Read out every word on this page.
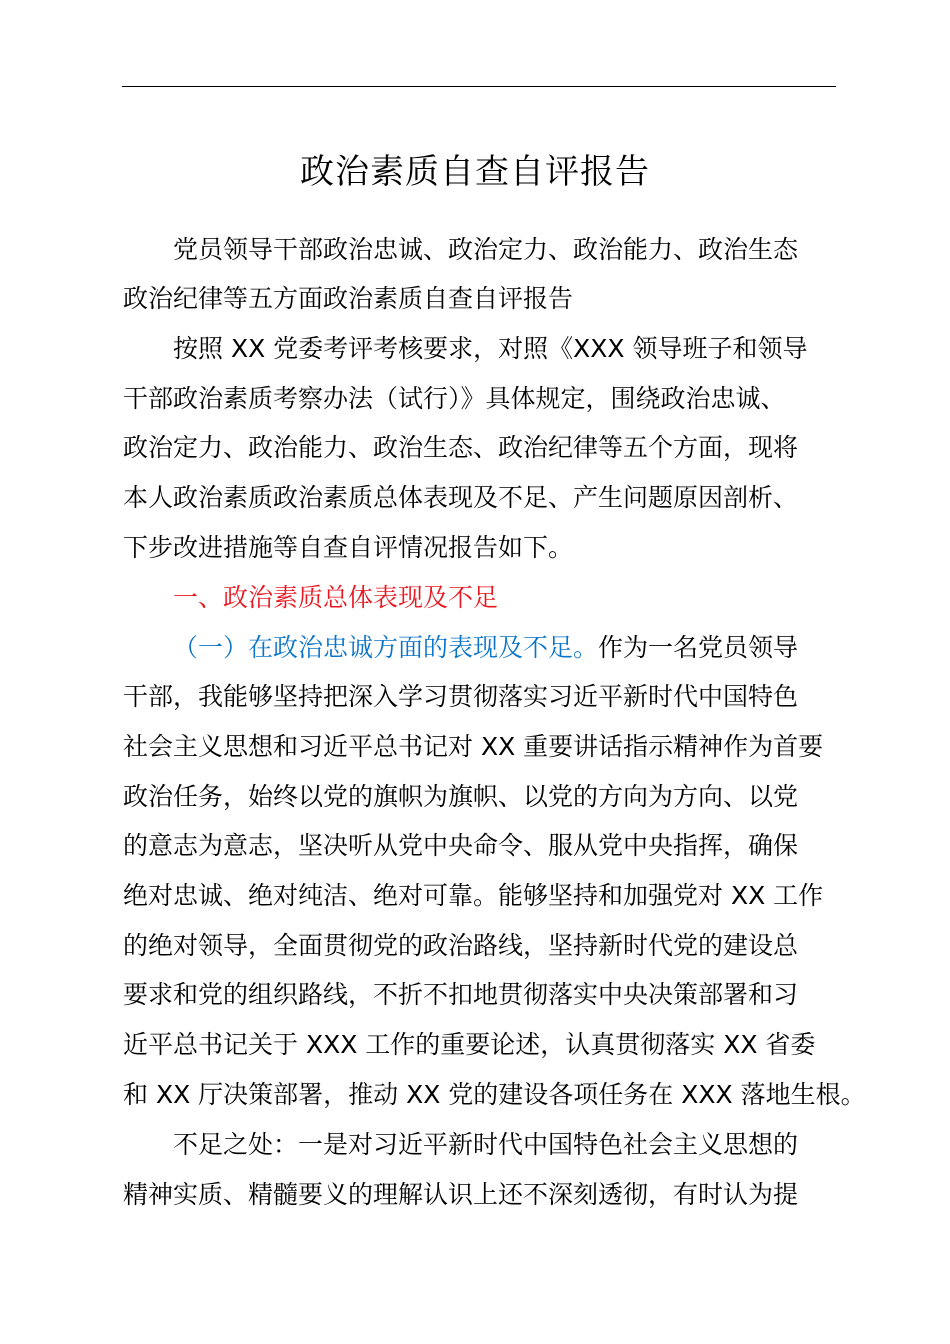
政治素质自查自评报告
党员领导干部政治忠诚、政治定力、政治能力、政治生态
政治纪律等五方面政治素质自查自评报告
按照 XX 党委考评考核要求，对照《XXX 领导班子和领导
干部政治素质考察办法（试行）》具体规定，围绕政治忠诚、
政治定力、政治能力、政治生态、政治纪律等五个方面，现将
本人政治素质政治素质总体表现及不足、产生问题原因剖析、
下步改进措施等自查自评情况报告如下。
一、政治素质总体表现及不足
（一）在政治忠诚方面的表现及不足。作为一名党员领导
干部，我能够坚持把深入学习贯彻落实习近平新时代中国特色
社会主义思想和习近平总书记对 XX 重要讲话指示精神作为首要
政治任务，始终以党的旗帜为旗帜、以党的方向为方向、以党
的意志为意志，坚决听从党中央命令、服从党中央指挥，确保
绝对忠诚、绝对纯洁、绝对可靠。能够坚持和加强党对 XX 工作
的绝对领导，全面贯彻党的政治路线，坚持新时代党的建设总
要求和党的组织路线，不折不扣地贯彻落实中央决策部署和习
近平总书记关于 XXX 工作的重要论述，认真贯彻落实 XX 省委
和 XX 厅决策部署，推动 XX 党的建设各项任务在 XXX 落地生根。
不足之处：一是对习近平新时代中国特色社会主义思想的
精神实质、精髓要义的理解认识上还不深刻透彻，有时认为提
